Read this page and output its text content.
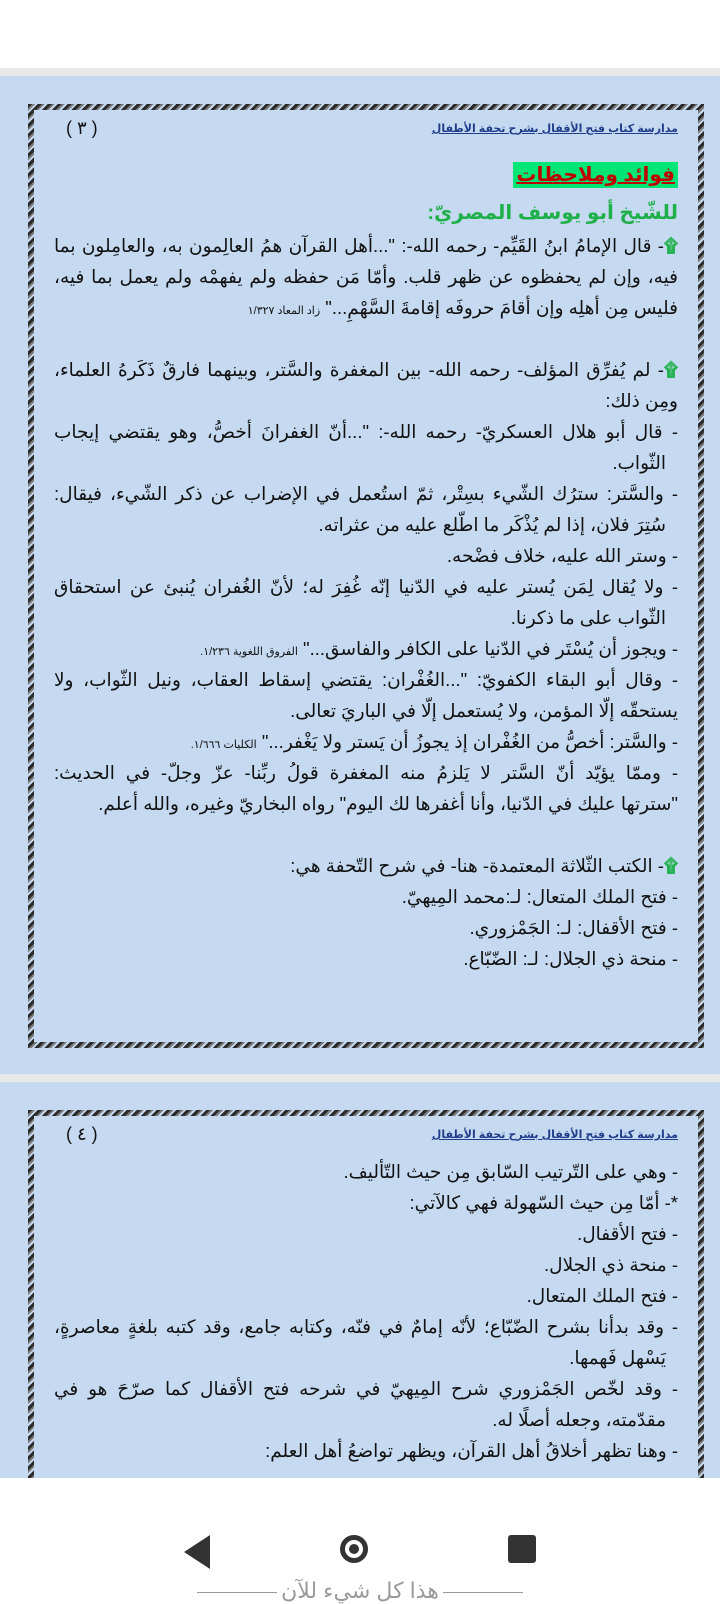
مدارسة كتاب فتح الأقفال بشرح تحفة الأطفال
( ٣ )
فوائد وملاحظات
للشّيخ أبو يوسف المصريّ:
۩- قال الإمامُ ابنُ القَيِّم- رحمه الله-: "...أهل القرآن همُ العالِمون به، والعامِلون بما
فيه، وإن لم يحفظوه عن ظهر قلب. وأمّا مَن حفظه ولم يفهمْه ولم يعمل بما فيه،
فليس مِن أهلِه وإن أقامَ حروفَه إقامةَ السَّهْمِ..." زاد المعاد ١/٣٢٧
۩- لم يُفرِّق المؤلف- رحمه الله- بين المغفرة والسَّتر، وبينهما فارقٌ ذَكَرهُ العلماء،
ومِن ذلك:
- قال أبو هلال العسكريّ- رحمه الله-: "...أنّ الغفرانَ أخصُّ، وهو يقتضي إيجاب
الثّواب.
- والسَّتر: سترُك الشّيء بسِتْر، ثمّ استُعمل في الإضراب عن ذكر الشّيء، فيقال:
سُتِرَ فلان، إذا لم يُذْكَر ما اطّلع عليه من عثراته.
- وستر الله عليه، خلاف فضْحه.
- ولا يُقال لِمَن يُستر عليه في الدّنيا إنّه غُفِرَ له؛ لأنّ الغُفران يُنبئ عن استحقاق
الثّواب على ما ذكرنا.
- ويجوز أن يُسْتَر في الدّنيا على الكافر والفاسق..." الفروق اللغوية ١/٢٣٦.
- وقال أبو البقاء الكفويّ: "...الغُفْران: يقتضي إسقاط العقاب، ونيل الثّواب، ولا
يستحقّه إلّا المؤمن، ولا يُستعمل إلّا في الباريَ تعالى.
- والسَّتر: أخصُّ من الغُفْران إذ يجوزُ أن يَستر ولا يَغْفر..." الكليات ١/٦٦٦.
- وممّا يؤيّد أنّ السَّتر لا يَلزمُ منه المغفرة قولُ ربِّنا- عزّ وجلّ- في الحديث:
"سترتها عليك في الدّنيا، وأنا أغفرها لك اليوم" رواه البخاريّ وغيره، والله أعلم.
۩- الكتب الثّلاثة المعتمدة- هنا- في شرح التّحفة هي:
- فتح الملك المتعال: لـ:محمد المِيهيّ.
- فتح الأقفال: لـ: الجَمْزوري.
- منحة ذي الجلال: لـ: الضّبّاع.
مدارسة كتاب فتح الأقفال بشرح تحفة الأطفال
( ٤ )
- وهي على التّرتيب السّابق مِن حيث التّأليف.
*- أمّا مِن حيث السّهولة فهي كالآتي:
- فتح الأقفال.
- منحة ذي الجلال.
- فتح الملك المتعال.
- وقد بدأنا بشرح الضّبّاع؛ لأنّه إمامٌ في فنّه، وكتابه جامع، وقد كتبه بلغةٍ معاصرةٍ،
يَسْهل فَهمها.
- وقد لخّص الجَمْزوري شرح المِيهيّ في شرحه فتح الأقفال كما صرّحَ هو في
مقدّمته، وجعله أصلًا له.
- وهنا تظهر أخلاقُ أهل القرآن، ويظهر تواضعُ أهل العلم:
هذا كل شيء للآن
